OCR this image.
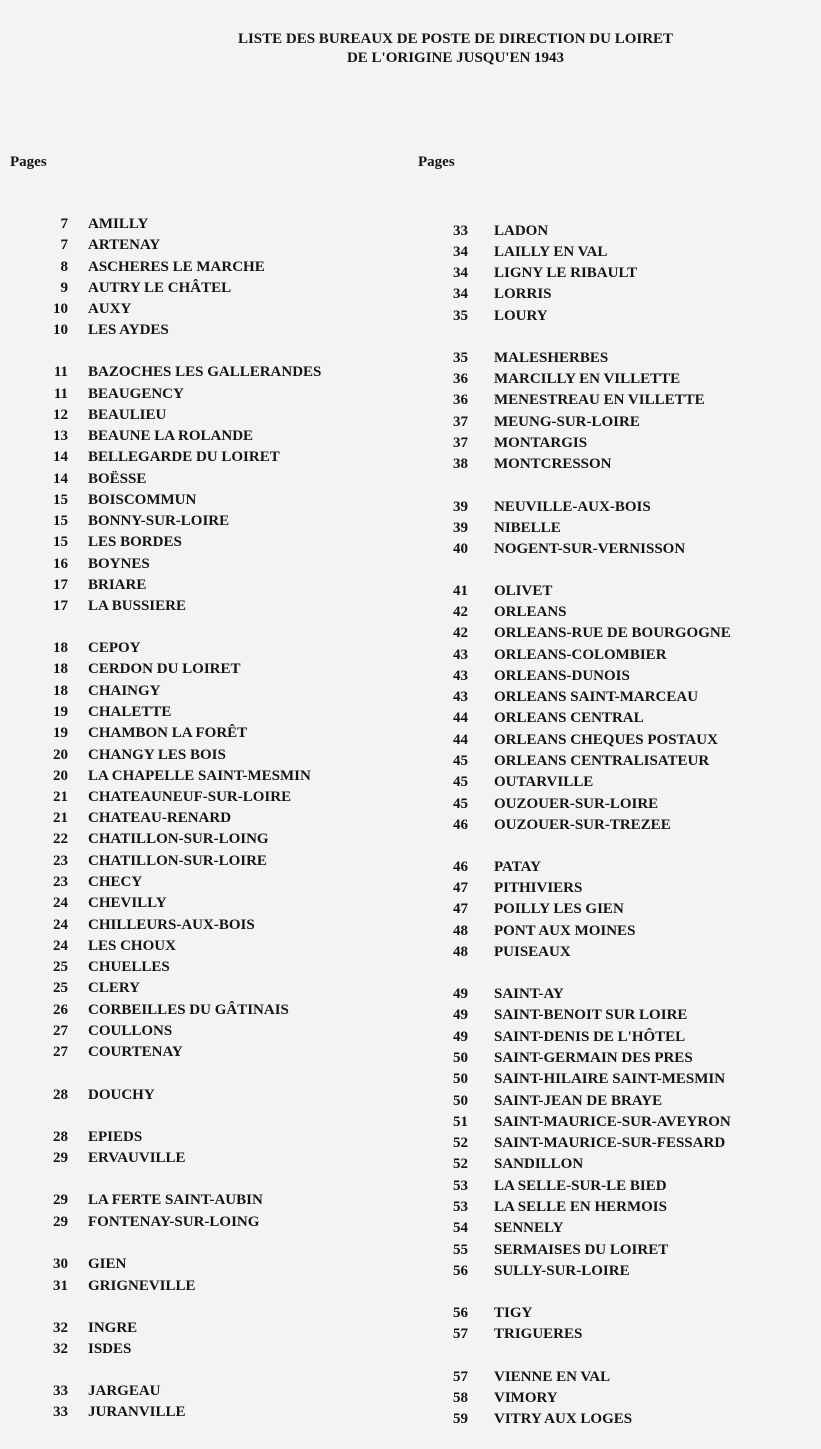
LISTE DES BUREAUX DE POSTE DE DIRECTION DU LOIRET
DE L'ORIGINE JUSQU'EN 1943
Pages	Pages
7 AMILLY
7 ARTENAY
8 ASCHERES LE MARCHE
9 AUTRY LE CHÂTEL
10 AUXY
10 LES AYDES
11 BAZOCHES LES GALLERANDES
11 BEAUGENCY
12 BEAULIEU
13 BEAUNE LA ROLANDE
14 BELLEGARDE DU LOIRET
14 BOËSSE
15 BOISCOMMUN
15 BONNY-SUR-LOIRE
15 LES BORDES
16 BOYNES
17 BRIARE
17 LA BUSSIERE
18 CEPOY
18 CERDON DU LOIRET
18 CHAINGY
19 CHALETTE
19 CHAMBON LA FORÊT
20 CHANGY LES BOIS
20 LA CHAPELLE SAINT-MESMIN
21 CHATEAUNEUF-SUR-LOIRE
21 CHATEAU-RENARD
22 CHATILLON-SUR-LOING
23 CHATILLON-SUR-LOIRE
23 CHECY
24 CHEVILLY
24 CHILLEURS-AUX-BOIS
24 LES CHOUX
25 CHUELLES
25 CLERY
26 CORBEILLES DU GÂTINAIS
27 COULLONS
27 COURTENAY
28 DOUCHY
28 EPIEDS
29 ERVAUVILLE
29 LA FERTE SAINT-AUBIN
29 FONTENAY-SUR-LOING
30 GIEN
31 GRIGNEVILLE
32 INGRE
32 ISDES
33 JARGEAU
33 JURANVILLE
33 LADON
34 LAILLY EN VAL
34 LIGNY LE RIBAULT
34 LORRIS
35 LOURY
35 MALESHERBES
36 MARCILLY EN VILLETTE
36 MENESTREAU EN VILLETTE
37 MEUNG-SUR-LOIRE
37 MONTARGIS
38 MONTCRESSON
39 NEUVILLE-AUX-BOIS
39 NIBELLE
40 NOGENT-SUR-VERNISSON
41 OLIVET
42 ORLEANS
42 ORLEANS-RUE DE BOURGOGNE
43 ORLEANS-COLOMBIER
43 ORLEANS-DUNOIS
43 ORLEANS SAINT-MARCEAU
44 ORLEANS CENTRAL
44 ORLEANS CHEQUES POSTAUX
45 ORLEANS CENTRALISATEUR
45 OUTARVILLE
45 OUZOUER-SUR-LOIRE
46 OUZOUER-SUR-TREZEE
46 PATAY
47 PITHIVIERS
47 POILLY LES GIEN
48 PONT AUX MOINES
48 PUISEAUX
49 SAINT-AY
49 SAINT-BENOIT SUR LOIRE
49 SAINT-DENIS DE L'HÔTEL
50 SAINT-GERMAIN DES PRES
50 SAINT-HILAIRE SAINT-MESMIN
50 SAINT-JEAN DE BRAYE
51 SAINT-MAURICE-SUR-AVEYRON
52 SAINT-MAURICE-SUR-FESSARD
52 SANDILLON
53 LA SELLE-SUR-LE BIED
53 LA SELLE EN HERMOIS
54 SENNELY
55 SERMAISES DU LOIRET
56 SULLY-SUR-LOIRE
56 TIGY
57 TRIGUERES
57 VIENNE EN VAL
58 VIMORY
59 VITRY AUX LOGES
